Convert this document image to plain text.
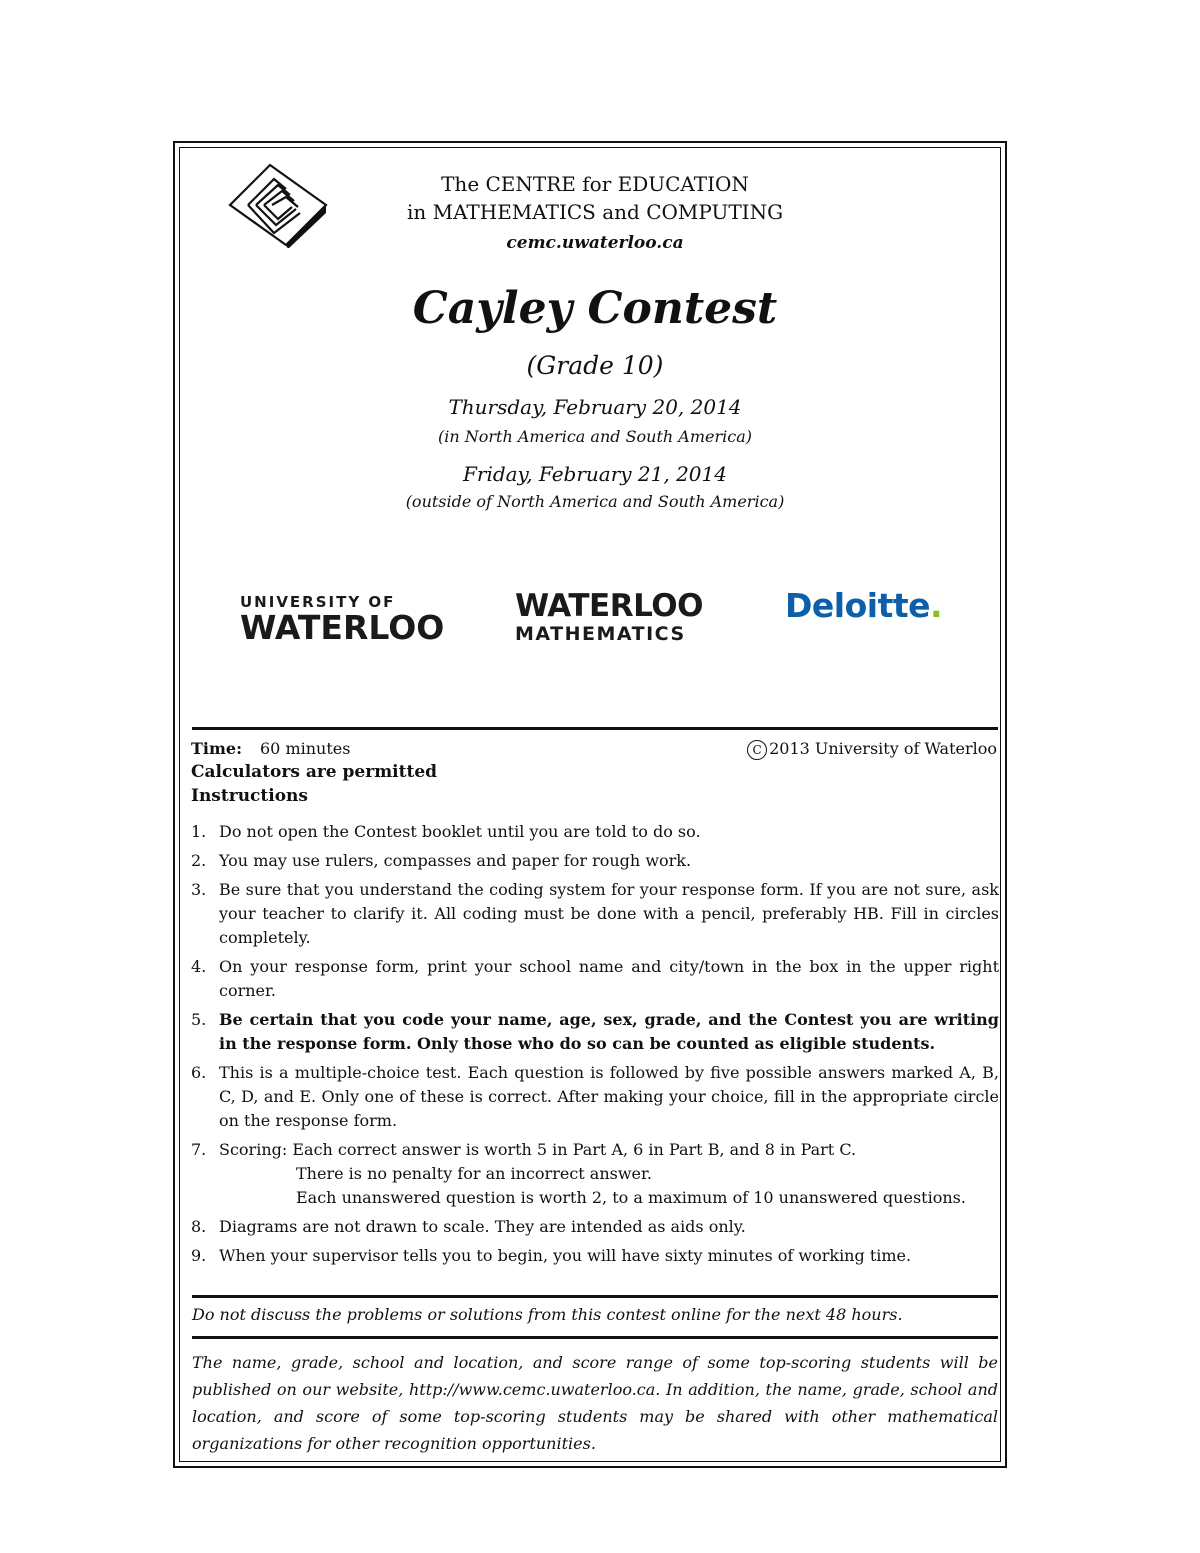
The CENTRE for EDUCATION
in MATHEMATICS and COMPUTING
cemc.uwaterloo.ca
Cayley Contest
(Grade 10)
Thursday, February 20, 2014
(in North America and South America)
Friday, February 21, 2014
(outside of North America and South America)
UNIVERSITY OF
WATERLOO
WATERLOO
MATHEMATICS
Deloitte.
Time: 60 minutes	C 2013 University of Waterloo
Calculators are permitted
Instructions
1. Do not open the Contest booklet until you are told to do so.
2. You may use rulers, compasses and paper for rough work.
3. Be sure that you understand the coding system for your response form. If you are not sure, ask your teacher to clarify it. All coding must be done with a pencil, preferably HB. Fill in circles completely.
4. On your response form, print your school name and city/town in the box in the upper right corner.
5. Be certain that you code your name, age, sex, grade, and the Contest you are writing in the response form. Only those who do so can be counted as eligible students.
6. This is a multiple-choice test. Each question is followed by five possible answers marked A, B, C, D, and E. Only one of these is correct. After making your choice, fill in the appropriate circle on the response form.
7. Scoring: Each correct answer is worth 5 in Part A, 6 in Part B, and 8 in Part C.
There is no penalty for an incorrect answer.
Each unanswered question is worth 2, to a maximum of 10 unanswered questions.
8. Diagrams are not drawn to scale. They are intended as aids only.
9. When your supervisor tells you to begin, you will have sixty minutes of working time.
Do not discuss the problems or solutions from this contest online for the next 48 hours.
The name, grade, school and location, and score range of some top-scoring students will be published on our website, http://www.cemc.uwaterloo.ca. In addition, the name, grade, school and location, and score of some top-scoring students may be shared with other mathematical organizations for other recognition opportunities.
